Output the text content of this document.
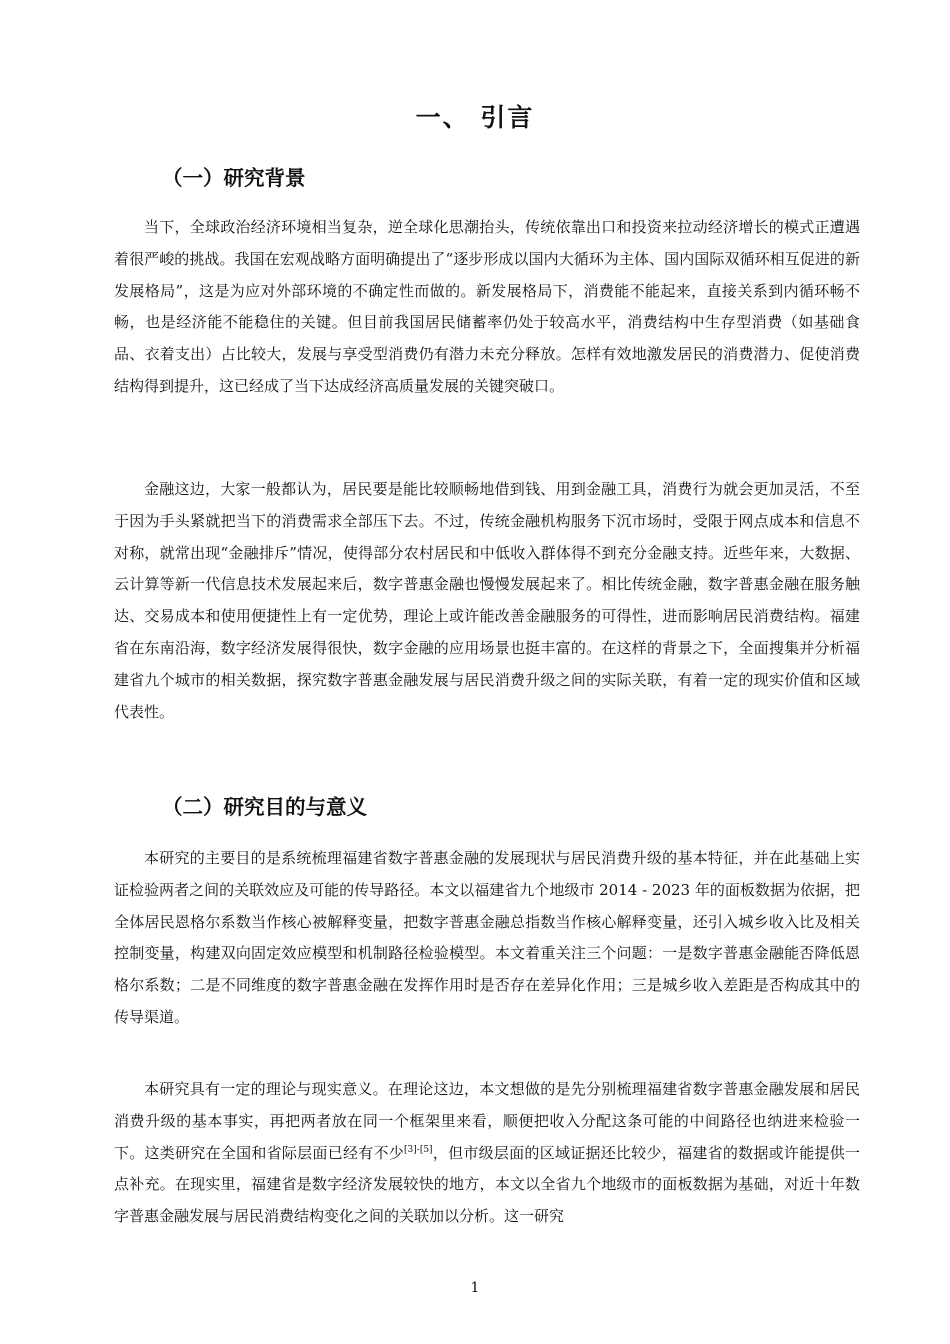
一、 引言
（一）研究背景

当下，全球政治经济环境相当复杂，逆全球化思潮抬头，传统依靠出口和投资来拉动经济增长的模式正遭遇着很严峻的挑战。我国在宏观战略方面明确提出了“逐步形成以国内大循环为主体、国内国际双循环相互促进的新发展格局”，这是为应对外部环境的不确定性而做的。新发展格局下，消费能不能起来，直接关系到内循环畅不畅，也是经济能不能稳住的关键。但目前我国居民储蓄率仍处于较高水平，消费结构中生存型消费（如基础食品、衣着支出）占比较大，发展与享受型消费仍有潜力未充分释放。怎样有效地激发居民的消费潜力、促使消费结构得到提升，这已经成了当下达成经济高质量发展的关键突破口。

金融这边，大家一般都认为，居民要是能比较顺畅地借到钱、用到金融工具，消费行为就会更加灵活，不至于因为手头紧就把当下的消费需求全部压下去。不过，传统金融机构服务下沉市场时，受限于网点成本和信息不对称，就常出现“金融排斥”情况，使得部分农村居民和中低收入群体得不到充分金融支持。近些年来，大数据、云计算等新一代信息技术发展起来后，数字普惠金融也慢慢发展起来了。相比传统金融，数字普惠金融在服务触达、交易成本和使用便捷性上有一定优势，理论上或许能改善金融服务的可得性，进而影响居民消费结构。福建省在东南沿海，数字经济发展得很快，数字金融的应用场景也挺丰富的。在这样的背景之下，全面搜集并分析福建省九个城市的相关数据，探究数字普惠金融发展与居民消费升级之间的实际关联，有着一定的现实价值和区域代表性。

（二）研究目的与意义

本研究的主要目的是系统梳理福建省数字普惠金融的发展现状与居民消费升级的基本特征，并在此基础上实证检验两者之间的关联效应及可能的传导路径。本文以福建省九个地级市 2014 - 2023 年的面板数据为依据，把全体居民恩格尔系数当作核心被解释变量，把数字普惠金融总指数当作核心解释变量，还引入城乡收入比及相关控制变量，构建双向固定效应模型和机制路径检验模型。本文着重关注三个问题：一是数字普惠金融能否降低恩格尔系数；二是不同维度的数字普惠金融在发挥作用时是否存在差异化作用；三是城乡收入差距是否构成其中的传导渠道。

本研究具有一定的理论与现实意义。在理论这边，本文想做的是先分别梳理福建省数字普惠金融发展和居民消费升级的基本事实，再把两者放在同一个框架里来看，顺便把收入分配这条可能的中间路径也纳进来检验一下。这类研究在全国和省际层面已经有不少[3]-[5]，但市级层面的区域证据还比较少，福建省的数据或许能提供一点补充。在现实里，福建省是数字经济发展较快的地方，本文以全省九个地级市的面板数据为基础，对近十年数字普惠金融发展与居民消费结构变化之间的关联加以分析。这一研究

1
